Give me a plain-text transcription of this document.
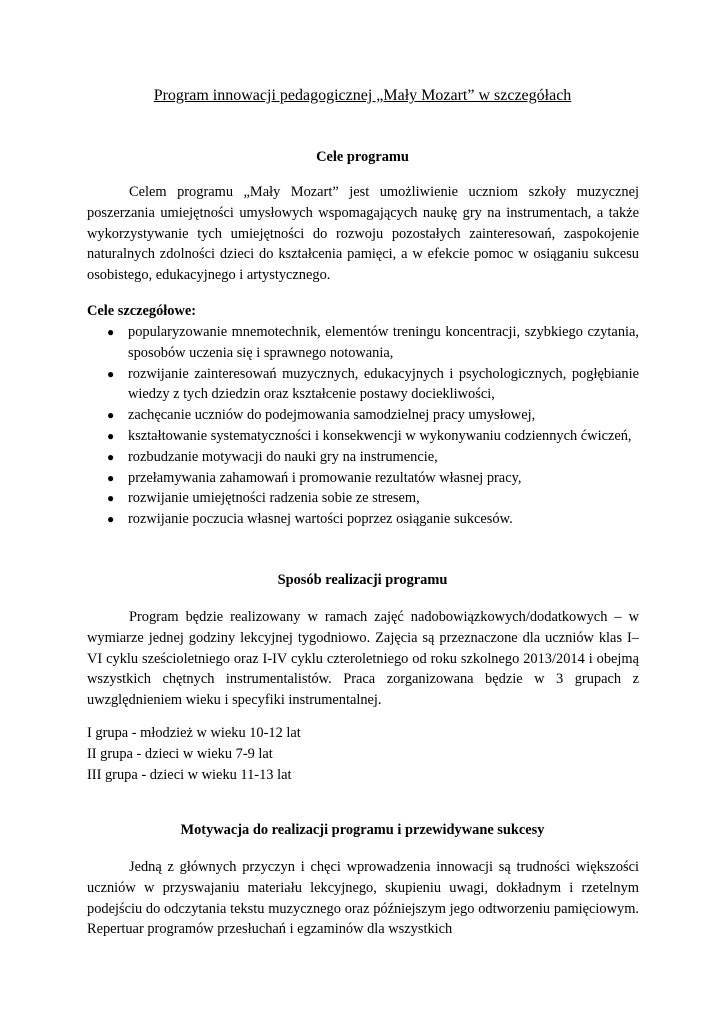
Program innowacji pedagogicznej „Mały Mozart” w szczegółach
Cele programu

Celem programu „Mały Mozart” jest umożliwienie uczniom szkoły muzycznej poszerzania umiejętności umysłowych wspomagających naukę gry na instrumentach, a także wykorzystywanie tych umiejętności do rozwoju pozostałych zainteresowań, zaspokojenie naturalnych zdolności dzieci do kształcenia pamięci, a w efekcie pomoc w osiąganiu sukcesu osobistego, edukacyjnego i artystycznego.

Cele szczegółowe:

● popularyzowanie mnemotechnik, elementów treningu koncentracji, szybkiego czytania, sposobów uczenia się i sprawnego notowania,
● rozwijanie zainteresowań muzycznych, edukacyjnych i psychologicznych, pogłębianie wiedzy z tych dziedzin oraz kształcenie postawy dociekliwości,
● zachęcanie uczniów do podejmowania samodzielnej pracy umysłowej,
● kształtowanie systematyczności i konsekwencji w wykonywaniu codziennych ćwiczeń,
● rozbudzanie motywacji do nauki gry na instrumencie,
● przełamywania zahamowań i promowanie rezultatów własnej pracy,
● rozwijanie umiejętności radzenia sobie ze stresem,
● rozwijanie poczucia własnej wartości poprzez osiąganie sukcesów.
Sposób realizacji programu

Program będzie realizowany w ramach zajęć nadobowiązkowych/dodatkowych – w wymiarze jednej godziny lekcyjnej tygodniowo. Zajęcia są przeznaczone dla uczniów klas I–VI cyklu sześcioletniego oraz I-IV cyklu czteroletniego od roku szkolnego 2013/2014 i obejmą wszystkich chętnych instrumentalistów. Praca zorganizowana będzie w 3 grupach z uwzględnieniem wieku i specyfiki instrumentalnej.

I grupa - młodzież w wieku 10-12 lat
II grupa - dzieci w wieku 7-9 lat
III grupa - dzieci w wieku 11-13 lat
Motywacja do realizacji programu i przewidywane sukcesy

Jedną z głównych przyczyn i chęci wprowadzenia innowacji są trudności większości uczniów w przyswajaniu materiału lekcyjnego, skupieniu uwagi, dokładnym i rzetelnym podejściu do odczytania tekstu muzycznego oraz późniejszym jego odtworzeniu pamięciowym. Repertuar programów przesłuchań i egzaminów dla wszystkich
